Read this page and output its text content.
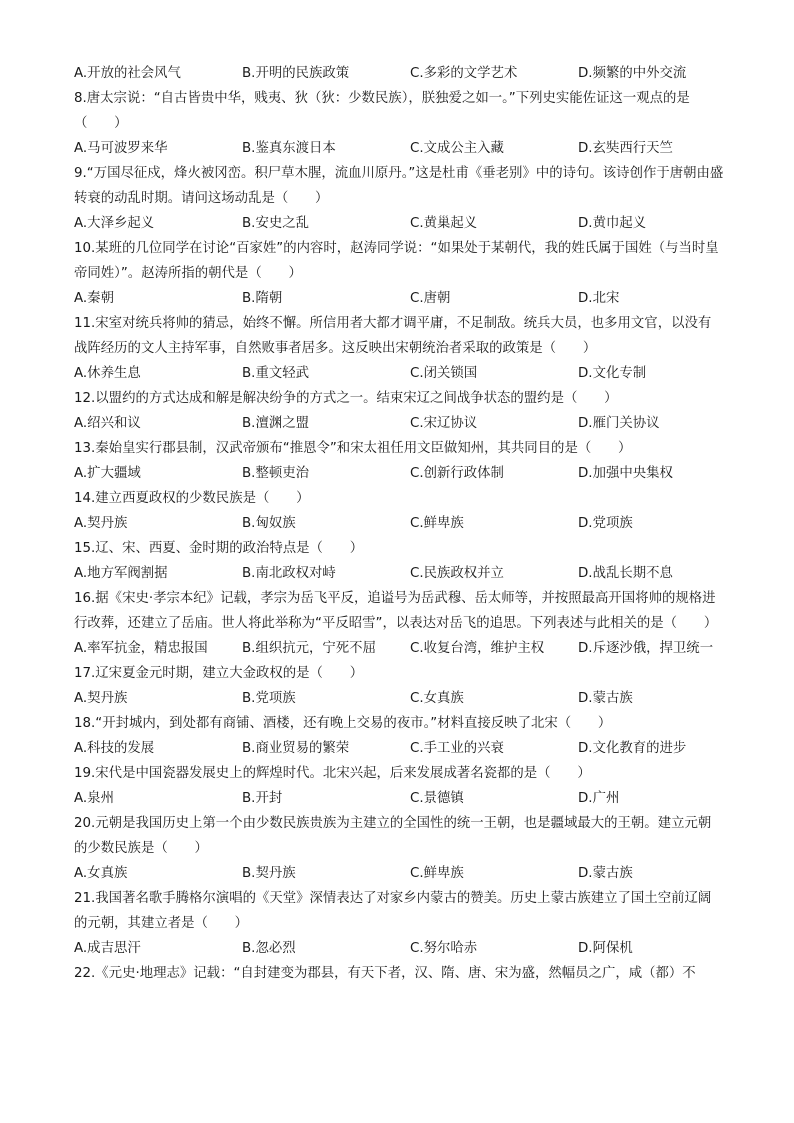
A.开放的社会风气	B.开明的民族政策	C.多彩的文学艺术	D.频繁的中外交流

8.唐太宗说：“自古皆贵中华，贱夷、狄（狄：少数民族），朕独爱之如一。”下列史实能佐证这一观点的是（　　）

A.马可波罗来华	B.鉴真东渡日本	C.文成公主入藏	D.玄奘西行天竺

9.“万国尽征戍，烽火被冈峦。积尸草木腥，流血川原丹。”这是杜甫《垂老别》中的诗句。该诗创作于唐朝由盛转衰的动乱时期。请问这场动乱是（　　）

A.大泽乡起义	B.安史之乱	C.黄巢起义	D.黄巾起义

10.某班的几位同学在讨论“百家姓”的内容时，赵涛同学说：“如果处于某朝代，我的姓氏属于国姓（与当时皇帝同姓）”。赵涛所指的朝代是（　　）

A.秦朝	B.隋朝	C.唐朝	D.北宋

11.宋室对统兵将帅的猜忌，始终不懈。所信用者大都才调平庸，不足制敌。统兵大员，也多用文官，以没有战阵经历的文人主持军事，自然败事者居多。这反映出宋朝统治者采取的政策是（　　）

A.休养生息	B.重文轻武	C.闭关锁国	D.文化专制

12.以盟约的方式达成和解是解决纷争的方式之一。结束宋辽之间战争状态的盟约是（　　）

A.绍兴和议	B.澶渊之盟	C.宋辽协议	D.雁门关协议

13.秦始皇实行郡县制，汉武帝颁布“推恩令”和宋太祖任用文臣做知州，其共同目的是（　　）

A.扩大疆域	B.整顿吏治	C.创新行政体制	D.加强中央集权

14.建立西夏政权的少数民族是（　　）

A.契丹族	B.匈奴族	C.鲜卑族	D.党项族

15.辽、宋、西夏、金时期的政治特点是（　　）

A.地方军阀割据	B.南北政权对峙	C.民族政权并立	D.战乱长期不息

16.据《宋史·孝宗本纪》记载，孝宗为岳飞平反，追谥号为岳武穆、岳太师等，并按照最高开国将帅的规格进行改葬，还建立了岳庙。世人将此举称为“平反昭雪”，以表达对岳飞的追思。下列表述与此相关的是（　　）

A.率军抗金，精忠报国	B.组织抗元，宁死不屈	C.收复台湾，维护主权	D.斥逐沙俄，捍卫统一

17.辽宋夏金元时期，建立大金政权的是（　　）

A.契丹族	B.党项族	C.女真族	D.蒙古族

18.“开封城内，到处都有商铺、酒楼，还有晚上交易的夜市。”材料直接反映了北宋（　　）

A.科技的发展	B.商业贸易的繁荣	C.手工业的兴衰	D.文化教育的进步

19.宋代是中国瓷器发展史上的辉煌时代。北宋兴起，后来发展成著名瓷都的是（　　）

A.泉州	B.开封	C.景德镇	D.广州

20.元朝是我国历史上第一个由少数民族贵族为主建立的全国性的统一王朝，也是疆域最大的王朝。建立元朝的少数民族是（　　）

A.女真族	B.契丹族	C.鲜卑族	D.蒙古族

21.我国著名歌手腾格尔演唱的《天堂》深情表达了对家乡内蒙古的赞美。历史上蒙古族建立了国土空前辽阔的元朝，其建立者是（　　）

A.成吉思汗	B.忽必烈	C.努尔哈赤	D.阿保机

22.《元史·地理志》记载：“自封建变为郡县，有天下者，汉、隋、唐、宋为盛，然幅员之广，咸（都）不
